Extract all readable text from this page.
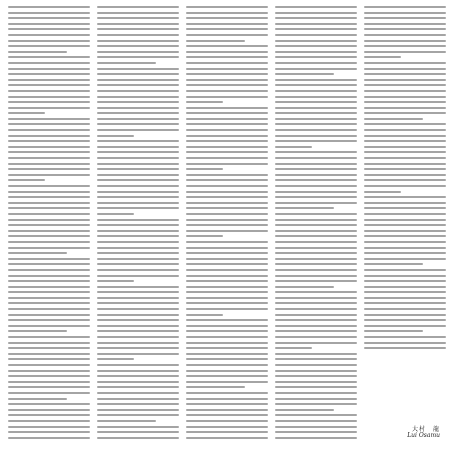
大村　龍
Lui Osamu
